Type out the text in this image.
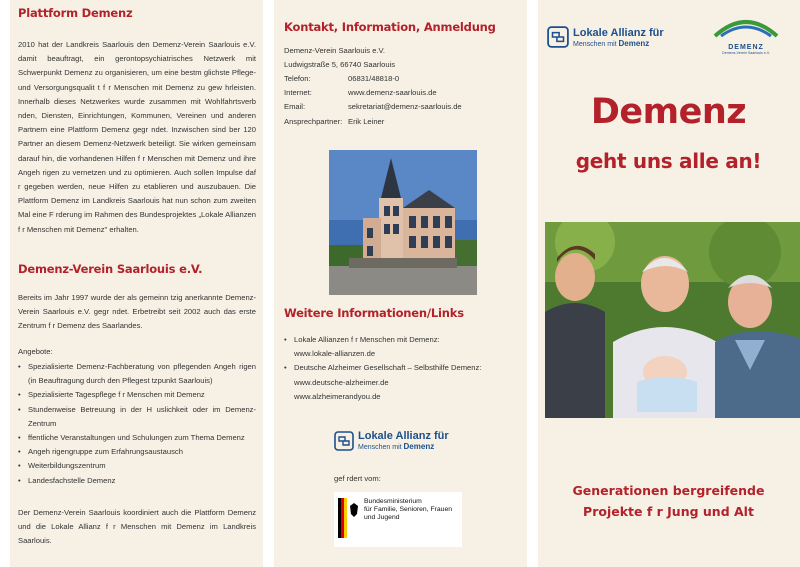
Plattform Demenz

2010 hat der Landkreis Saarlouis den Demenz-Verein Saarlouis e.V. damit beauftragt, ein gerontopsychiatrisches Netzwerk mit Schwerpunkt Demenz zu organisieren, um eine bestm glichste Pflege- und Versorgungsqualit t f r Menschen mit Demenz zu gew hrleisten. Innerhalb dieses Netzwerkes wurde zusammen mit Wohlfahrtsverb nden, Diensten, Einrichtungen, Kommunen, Vereinen und anderen Partnern eine Plattform Demenz gegr ndet. Inzwischen sind ber 120 Partner an diesem Demenz-Netzwerk beteiligt. Sie wirken gemeinsam darauf hin, die vorhandenen Hilfen f r Menschen mit Demenz und ihre Angeh rigen zu vernetzen und zu optimieren. Auch sollen Impulse daf r gegeben werden, neue Hilfen zu etablieren und auszubauen. Die Plattform Demenz im Landkreis Saarlouis hat nun schon zum zweiten Mal eine F rderung im Rahmen des Bundesprojektes „Lokale Allianzen f r Menschen mit Demenz" erhalten.

Demenz-Verein Saarlouis e.V.

Bereits im Jahr 1997 wurde der als gemeinn tzig anerkannte Demenz-Verein Saarlouis e.V. gegr ndet. Erbetreibt seit 2002 auch das erste Zentrum f r Demenz des Saarlandes.

Angebote:

• Spezialisierte Demenz-Fachberatung von pflegenden Angeh rigen (in Beauftragung durch den Pflegest tzpunkt Saarlouis)
• Spezialisierte Tagespflege f r Menschen mit Demenz
• Stundenweise Betreuung in der H uslichkeit oder im Demenz-Zentrum
• ffentliche Veranstaltungen und Schulungen zum Thema Demenz
• Angeh rigengruppe zum Erfahrungsaustausch
• Weiterbildungszentrum
• Landesfachstelle Demenz

Der Demenz-Verein Saarlouis koordiniert auch die Plattform Demenz und die Lokale Allianz f r Menschen mit Demenz im Landkreis Saarlouis.

Kontakt, Information, Anmeldung

Demenz-Verein Saarlouis e.V.

Ludwigstraße 5, 66740 Saarlouis

Telefon:	06831/48818-0
Internet:	www.demenz-saarlouis.de
Email:	sekretariat@demenz-saarlouis.de
Ansprechpartner: Erik Leiner
Weitere Informationen/Links
• Lokale Allianzen f r Menschen mit Demenz:
www.lokale-allianzen.de
• Deutsche Alzheimer Gesellschaft – Selbsthilfe Demenz:
www.deutsche-alzheimer.de
www.alzheimerandyou.de
Lokale Allianz für
Menschen mit Demenz

gef rdert vom:

Bundesministerium
für Familie, Senioren, Frauen
und Jugend
Lokale Allianz für
Menschen mit Demenz	DEMENZ
Demenz-Verein Saarlouis e.V.
Demenz
geht uns alle an!
Generationen bergreifende
Projekte f r Jung und Alt
